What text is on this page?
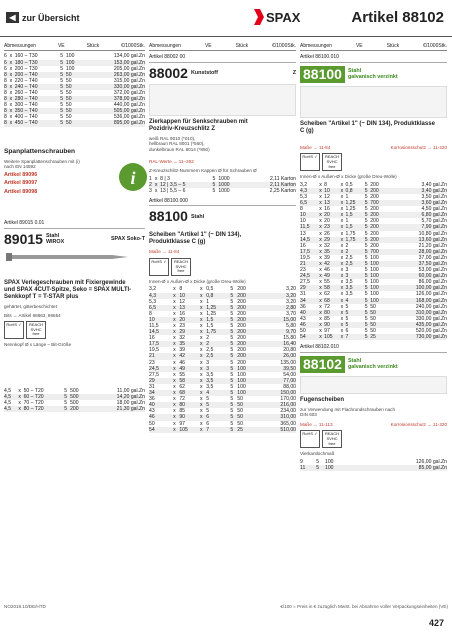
◀ zur Übersicht	SPAX	Artikel 88102
Abmessungen	VE	Stück	€/1000Stk.
6	x	160 – T30	5	100	134,00 gal.Zn
6	x	180 – T30	5	100	153,00 gal.Zn
6	x	200 – T30	5	100	205,00 gal.Zn
8	x	200 – T40	5	50	263,00 gal.Zn
8	x	220 – T40	5	50	315,00 gal.Zn
8	x	240 – T40	5	50	330,00 gal.Zn
8	x	260 – T40	5	50	372,00 gal.Zn
8	x	280 – T40	5	50	378,00 gal.Zn
8	x	300 – T40	5	50	440,00 gal.Zn
8	x	350 – T40	5	50	505,00 gal.Zn
8	x	400 – T40	5	50	536,00 gal.Zn
8	x	450 – T40	5	50	895,00 gal.Zn
Spanplattenschrauben
Weitere Spanplattenschrauben mit (i) nach EN 14592
Artikel 89096
Artikel 89097
Artikel 89098
Artikel 89015 0.01
89015 Stahl
WIROX
SPAX Soko-T
SPAX Verlegeschrauben mit Fixiergewinde und SPAX 4CUT-Spitze, Seko = SPAX MULTI-Senkkopf T = T-STAR plus
gehärtet, gitterbeschichtet
Bits → Artikel 68663, 86654
RoHS ✓	REACH SVHC free
Nennkopf Ø x Länge – Bit-Größe
4,5	x	50 – T20	5	500	11,00 gal.Zn
4,5	x	60 – T20	5	500	14,20 gal.Zn
4,5	x	70 – T20	5	500	18,00 gal.Zn
4,5	x	80 – T20	5	200	21,30 gal.Zn
i
Abmessungen	VE	Stück	€/1000Stk.
Artikel 88002 00
88002 Kunststoff	Z
Zierkappen für Senkschrauben mit Pozidriv-Kreuzschlitz Z
weiß RAL 9010 (*010),
hellbraun RAL 8001 (*560),
dunkelbraun RAL 8014 (*850)
RAL-Werte → 11–262
Z-Kreuzschlitz-Nummern Kappen Ø für Schrauben Ø
1	x	8 | 3	5	1000	2,11 Karton
2	x	12 | 3,5 – 5	5	1000	2,11 Karton
3	x	13 | 5,5 – 6	5	1000	2,25 Karton
Artikel 88100.000
88100 Stahl
Scheiben "Artikel 1" (~ DIN 134), Produktklasse C (g)
Maße → 11-84
RoHS ✓	REACH SVHC free
Innen-Ø x Außen-Ø x Dicke (große Dreu-Wolle)
3,2	x	8	x	0,5	5	200	3,20
4,3	x	10	x	0,8	5	200	3,20
5,3	x	12	x	1	5	200	3,20
6,5	x	13	x	1,25	5	200	2,80
8	x	16	x	1,25	5	200	3,70
10	x	20	x	1,5	5	200	15,00
11,5	x	23	x	1,5	5	200	5,80
14,5	x	29	x	1,75	5	200	9,70
16	x	32	x	2	5	200	15,80
17,5	x	35	x	2	5	200	16,40
19,5	x	39	x	2,5	5	200	20,80
21	x	42	x	2,5	5	200	26,00
23	x	46	x	3	5	200	135,00
24,5	x	49	x	3	5	100	39,50
27,5	x	55	x	3,5	5	100	54,00
29	x	58	x	3,5	5	100	77,00
31	x	62	x	3,5	5	100	88,00
34	x	68	x	4	5	100	150,00
36	x	72	x	5	5	50	170,00
40	x	80	x	5	5	50	216,00
43	x	85	x	5	5	50	234,00
46	x	90	x	6	5	50	310,00
50	x	97	x	6	5	50	365,00
54	x	105	x	7	5	25	510,00
Abmessungen	VE	Stück	€/1000Stk.
Artikel 88100.010
88100	Stahl
galvanisch verzinkt
Scheiben "Artikel 1" (~ DIN 134), Produktklasse C (g)
Maße → 11-84	Korrosionsschutz → 11-220
RoHS ✓	REACH SVHC free
Innen-Ø x Außen-Ø x Dicke (große Dreu-Wolle)
3,2	x	8	x	0,5	5	200	3,40 gal.Zn
4,3	x	10	x	0,8	5	200	3,40 gal.Zn
5,3	x	12	x	1	5	200	3,50 gal.Zn
6,5	x	13	x	1,25	5	700	3,60 gal.Zn
8	x	16	x	1,25	5	200	4,50 gal.Zn
10	x	20	x	1,5	5	200	6,80 gal.Zn
10	x	20	x	1	5	200	5,70 gal.Zn
11,5	x	23	x	1,5	5	200	7,90 gal.Zn
13	x	26	x	1,75	5	200	10,80 gal.Zn
14,5	x	29	x	1,75	5	200	13,60 gal.Zn
16	x	32	x	2	5	200	21,20 gal.Zn
17,5	x	35	x	2	5	700	28,00 gal.Zn
19,5	x	39	x	2,5	5	100	37,00 gal.Zn
21	x	42	x	2,5	5	100	37,50 gal.Zn
23	x	46	x	3	5	100	53,00 gal.Zn
24,5	x	49	x	3	5	100	60,00 gal.Zn
27,5	x	55	x	3,5	5	100	86,00 gal.Zn
29	x	58	x	3,5	5	100	100,00 gal.Zn
31	x	62	x	3,5	5	100	126,00 gal.Zn
34	x	68	x	4	5	100	168,00 gal.Zn
36	x	72	x	5	5	50	240,00 gal.Zn
40	x	80	x	5	5	50	310,00 gal.Zn
43	x	85	x	5	5	50	330,00 gal.Zn
46	x	90	x	5	5	50	435,00 gal.Zn
50	x	97	x	6	5	50	520,00 gal.Zn
54	x	105	x	7	5	25	730,00 gal.Zn
Artikel 88102.010
88102	Stahl
galvanisch verzinkt
Fugenscheiben
zur Verwendung mit Flachrundschrauben nach DIN 603
Maße → 11-113	Korrosionsschutz → 11-220
RoHS ✓	REACH SVHC free
Vierkantlochmaß
9	5	100	126,00 gal.Zn
11	5	100	85,00 gal.Zn
NO2019.10/DE/HTD	€/100 = Preis in € zuzüglich MwSt. bei Abnahme voller Verpackungseinheiten (VE)
427
